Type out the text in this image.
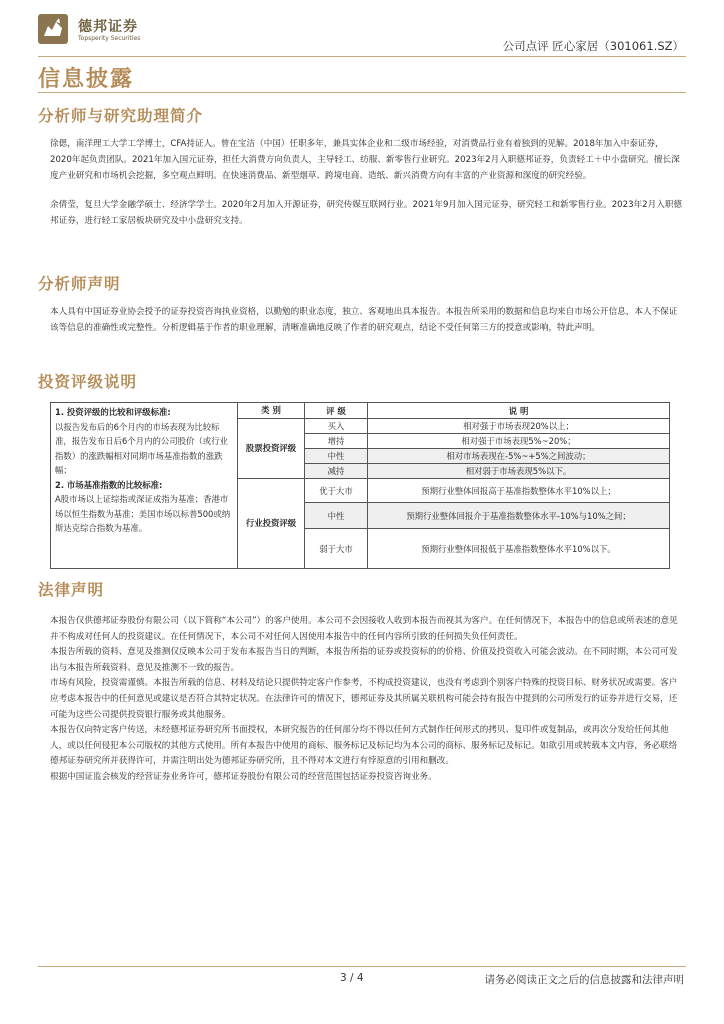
德邦证券
Topsperity Securities
公司点评 匠心家居（301061.SZ）
信息披露
分析师与研究助理简介

徐偲，南洋理工大学工学博士，CFA持证人。曾在宝洁（中国）任职多年，兼具实体企业和二级市场经验，对消费品行业有着独到的见解。2018年加入中泰证券，2020年起负责团队。2021年加入国元证券，担任大消费方向负责人，主导轻工、纺服、新零售行业研究。2023年2月入职德邦证券，负责轻工＋中小盘研究。擅长深度产业研究和市场机会挖掘，多空观点鲜明。在快速消费品、新型烟草、跨境电商、造纸、新兴消费方向有丰富的产业资源和深度的研究经验。

余倩莹，复旦大学金融学硕士、经济学学士。2020年2月加入开源证券，研究传媒互联网行业。2021年9月加入国元证券，研究轻工和新零售行业。2023年2月入职德邦证券，进行轻工家居板块研究及中小盘研究支持。

分析师声明

本人具有中国证券业协会授予的证券投资咨询执业资格，以勤勉的职业态度，独立、客观地出具本报告。本报告所采用的数据和信息均来自市场公开信息，本人不保证该等信息的准确性或完整性。分析逻辑基于作者的职业理解，清晰准确地反映了作者的研究观点，结论不受任何第三方的授意或影响，特此声明。

投资评级说明
1. 投资评级的比较和评级标准:
以报告发布后的6个月内的市场表现为比较标准，报告发布日后6个月内的公司股价（或行业指数）的涨跌幅相对同期市场基准指数的涨跌幅；
2. 市场基准指数的比较标准:
A股市场以上证综指或深证成指为基准；香港市场以恒生指数为基准；美国市场以标普500或纳斯达克综合指数为基准。	类 别	评 级	说 明
	股票投资评级	买入	相对强于市场表现20%以上；
		增持	相对强于市场表现5%~20%；
		中性	相对市场表现在-5%~+5%之间波动；
		减持	相对弱于市场表现5%以下。
	行业投资评级	优于大市	预期行业整体回报高于基准指数整体水平10%以上；
		中性	预期行业整体回报介于基准指数整体水平-10%与10%之间；
		弱于大市	预期行业整体回报低于基准指数整体水平10%以下。
法律声明

本报告仅供德邦证券股份有限公司（以下简称“本公司”）的客户使用。本公司不会因接收人收到本报告而视其为客户。在任何情况下，本报告中的信息或所表述的意见并不构成对任何人的投资建议。在任何情况下，本公司不对任何人因使用本报告中的任何内容所引致的任何损失负任何责任。

本报告所载的资料、意见及推测仅反映本公司于发布本报告当日的判断，本报告所指的证券或投资标的的价格、价值及投资收入可能会波动。在不同时期，本公司可发出与本报告所载资料、意见及推测不一致的报告。

市场有风险，投资需谨慎。本报告所载的信息、材料及结论只提供特定客户作参考，不构成投资建议，也没有考虑到个别客户特殊的投资目标、财务状况或需要。客户应考虑本报告中的任何意见或建议是否符合其特定状况。在法律许可的情况下，德邦证券及其所属关联机构可能会持有报告中提到的公司所发行的证券并进行交易，还可能为这些公司提供投资银行服务或其他服务。

本报告仅向特定客户传送，未经德邦证券研究所书面授权，本研究报告的任何部分均不得以任何方式制作任何形式的拷贝、复印件或复制品，或再次分发给任何其他人，或以任何侵犯本公司版权的其他方式使用。所有本报告中使用的商标、服务标记及标记均为本公司的商标、服务标记及标记。如欲引用或转载本文内容，务必联络德邦证券研究所并获得许可，并需注明出处为德邦证券研究所，且不得对本文进行有悖原意的引用和删改。

根据中国证监会核发的经营证券业务许可，德邦证券股份有限公司的经营范围包括证券投资咨询业务。

3 / 4	请务必阅读正文之后的信息披露和法律声明
